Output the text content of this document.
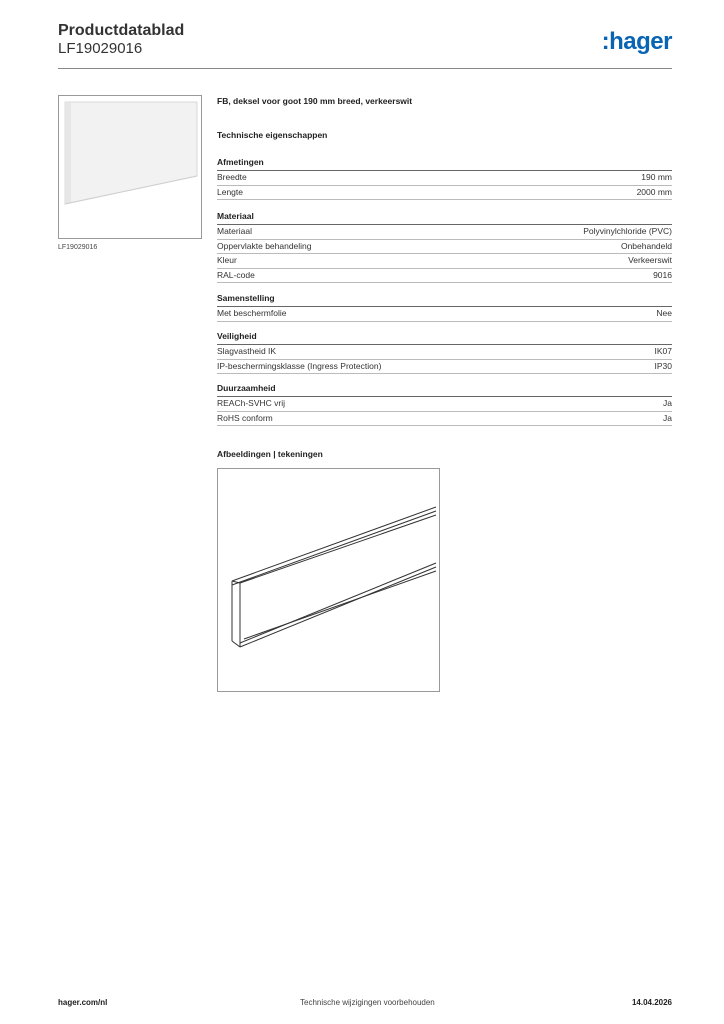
Productdatablad
LF19029016	:hager
LF19029016
FB, deksel voor goot 190 mm breed, verkeerswit
Technische eigenschappen
Afmetingen
Breedte	190 mm
Lengte	2000 mm
Materiaal
Materiaal	Polyvinylchloride (PVC)
Oppervlakte behandeling	Onbehandeld
Kleur	Verkeerswit
RAL-code	9016
Samenstelling
Met beschermfolie	Nee
Veiligheid
Slagvastheid IK	IK07
IP-beschermingsklasse (Ingress Protection)	IP30
Duurzaamheid
REACh-SVHC vrij	Ja
RoHS conform	Ja
Afbeeldingen | tekeningen
hager.com/nl	Technische wijzigingen voorbehouden	14.04.2026
